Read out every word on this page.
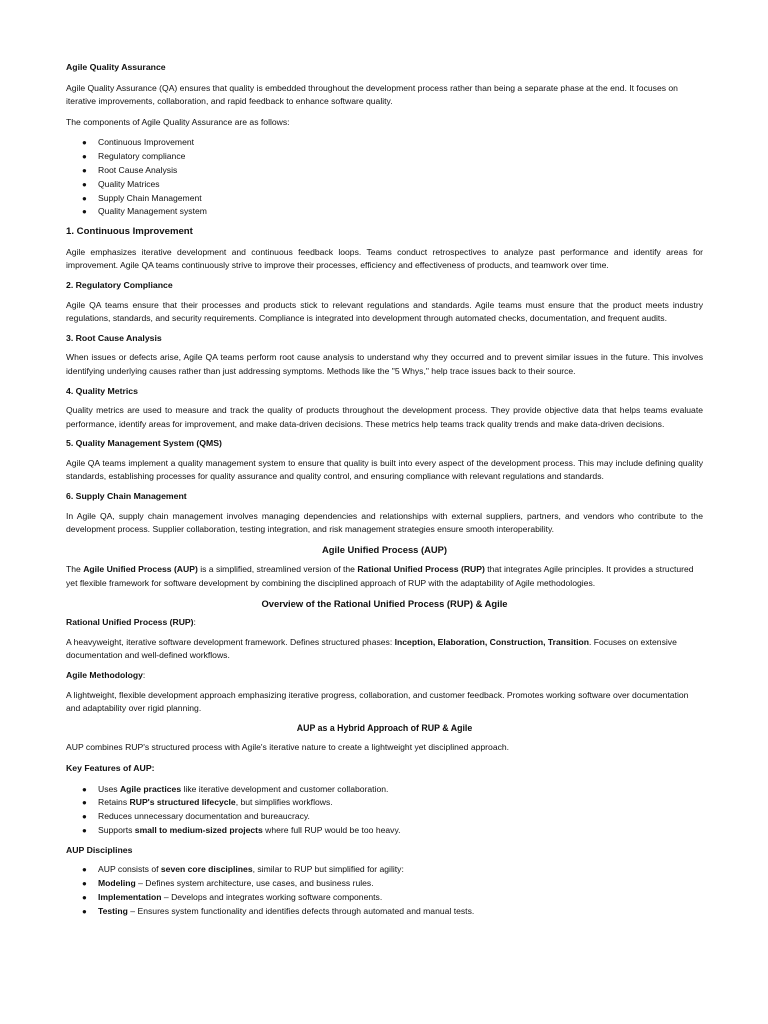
Agile Quality Assurance

Agile Quality Assurance (QA) ensures that quality is embedded throughout the development process rather than being a separate phase at the end. It focuses on iterative improvements, collaboration, and rapid feedback to enhance software quality.

The components of Agile Quality Assurance are as follows:

● Continuous Improvement
● Regulatory compliance
● Root Cause Analysis
● Quality Matrices
● Supply Chain Management
● Quality Management system

1. Continuous Improvement

Agile emphasizes iterative development and continuous feedback loops. Teams conduct retrospectives to analyze past performance and identify areas for improvement. Agile QA teams continuously strive to improve their processes, efficiency and effectiveness of products, and teamwork over time.

2. Regulatory Compliance

Agile QA teams ensure that their processes and products stick to relevant regulations and standards. Agile teams must ensure that the product meets industry regulations, standards, and security requirements. Compliance is integrated into development through automated checks, documentation, and frequent audits.

3. Root Cause Analysis

When issues or defects arise, Agile QA teams perform root cause analysis to understand why they occurred and to prevent similar issues in the future. This involves identifying underlying causes rather than just addressing symptoms. Methods like the "5 Whys," help trace issues back to their source.

4. Quality Metrics

Quality metrics are used to measure and track the quality of products throughout the development process. They provide objective data that helps teams evaluate performance, identify areas for improvement, and make data-driven decisions. These metrics help teams track quality trends and make data-driven decisions.

5. Quality Management System (QMS)

Agile QA teams implement a quality management system to ensure that quality is built into every aspect of the development process. This may include defining quality standards, establishing processes for quality assurance and quality control, and ensuring compliance with relevant regulations and standards.

6. Supply Chain Management

In Agile QA, supply chain management involves managing dependencies and relationships with external suppliers, partners, and vendors who contribute to the development process. Supplier collaboration, testing integration, and risk management strategies ensure smooth interoperability.

Agile Unified Process (AUP)

The Agile Unified Process (AUP) is a simplified, streamlined version of the Rational Unified Process (RUP) that integrates Agile principles. It provides a structured yet flexible framework for software development by combining the disciplined approach of RUP with the adaptability of Agile methodologies.

Overview of the Rational Unified Process (RUP) & Agile

Rational Unified Process (RUP):

A heavyweight, iterative software development framework. Defines structured phases: Inception, Elaboration, Construction, Transition. Focuses on extensive documentation and well-defined workflows.

Agile Methodology:

A lightweight, flexible development approach emphasizing iterative progress, collaboration, and customer feedback. Promotes working software over documentation and adaptability over rigid planning.

AUP as a Hybrid Approach of RUP & Agile

AUP combines RUP's structured process with Agile's iterative nature to create a lightweight yet disciplined approach.

Key Features of AUP:

● Uses Agile practices like iterative development and customer collaboration.
● Retains RUP's structured lifecycle, but simplifies workflows.
● Reduces unnecessary documentation and bureaucracy.
● Supports small to medium-sized projects where full RUP would be too heavy.

AUP Disciplines

● AUP consists of seven core disciplines, similar to RUP but simplified for agility:
● Modeling – Defines system architecture, use cases, and business rules.
● Implementation – Develops and integrates working software components.
● Testing – Ensures system functionality and identifies defects through automated and manual tests.
